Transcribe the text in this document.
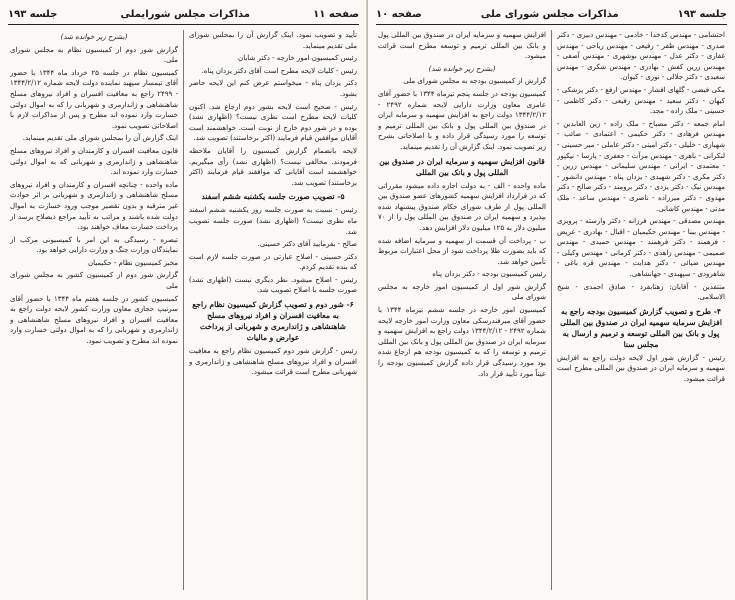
صفحه ۱۱
مذاکرات مجلس شورایملی
جلسه ۱۹۳

تأیید و تصویب نمود. اینک گزارش آن را بمجلس شورای ملی تقدیم مینماید.

رئیس کمیسیون امور خارجه - دکتر شایان

رئیس - کلیات لایحه مطرح است آقای دکتر یزدان پناه.

دکتر یزدان پناه - میخواستم عرض کنم این لایحه حاضر بشود.

رئیس - صحیح است لایحه بشور دوم ارجاع شد. اکنون کلیات لایحه مطرح است نظری نیست؟ (اظهاری نشد) بوده و در شور دوم خارج از نوبت است. خواهشمند است آقایان موافقین قیام فرمایند (اکثر برخاستند) تصویب شد.

لایحه بانضمام گزارش کمیسیون را آقایان ملاحظه فرمودند. مخالفی نیست؟ (اظهاری نشد) رأی میگیریم. خواهشمند است آقایانی که موافقند قیام فرمایند (اکثر برخاستند) تصویب شد.

۵- تصویب صورت جلسه یکشنبه ششم اسفند

رئیس - نسبت به صورت جلسه روز یکشنبه ششم اسفند ماه نظری نیست؟ (اظهاری نشد) صورت جلسه تصویب شد.

صالح - بفرمایید آقای دکتر حسینی.

دکتر حسینی - اصلاح عبارتی در صورت جلسه لازم است که بنده تقدیم کردم.

رئیس - اصلاح میشود. نظر دیگری نیست (اظهاری نشد) صورت جلسه با اصلاح تصویب شد.

۶- شور دوم و تصویب گزارش کمیسیون نظام راجع به معافیت افسران و افراد نیروهای مسلح شاهنشاهی و ژاندارمری و شهربانی از پرداخت عوارض و مالیات

رئیس - گزارش شور دوم کمیسیون نظام راجع به معافیت افسران و افراد نیروهای مسلح شاهنشاهی و ژاندارمری و شهربانی مطرح است قرائت میشود.

(بشرح زیر خوانده شد)

گزارش شور دوم از کمیسیون نظام به مجلس شورای ملی.

کمیسیون نظام در جلسه ۲۵ خرداد ماه ۱۳۴۴ با حضور آقای تیمسار سپهبد نماینده دولت لایحه شماره ۱۳۴۴/۲/۱۲ - ۲۴۹۹ راجع به معافیت افسران و افراد نیروهای مسلح شاهنشاهی و ژاندارمری و شهربانی را که به اموال دولتی خسارت وارد نموده اند مطرح و پس از مذاکرات لازم با اصلاحاتی تصویب نمود.

اینک گزارش آن را بمجلس شورای ملی تقدیم مینماید.

قانون معافیت افسران و کارمندان و افراد نیروهای مسلح شاهنشاهی و ژاندارمری و شهربانی که به اموال دولتی خسارت وارد نموده اند.

ماده واحده - چنانچه افسران و کارمندان و افراد نیروهای مسلح شاهنشاهی و ژاندارمری و شهربانی بر اثر حوادث غیر مترقبه و بدون تقصیر موجب ورود خسارت به اموال دولت شده باشند و مراتب به تأیید مراجع ذیصلاح برسد از پرداخت خسارت معاف خواهند بود.

تبصره - رسیدگی به این امر با کمیسیونی مرکب از نمایندگان وزارت جنگ و وزارت دارایی خواهد بود.

مخبر کمیسیون نظام - حکیمیان

گزارش شور دوم از کمیسیون کشور به مجلس شورای ملی

کمیسیون کشور در جلسه هفتم ماه ۱۳۴۴ با حضور آقای سرتیپ حجازی معاون وزارت کشور لایحه دولت راجع به معافیت افسران و افراد نیروهای مسلح شاهنشاهی و ژاندارمری و شهربانی را که به اموال دولتی خسارت وارد نموده اند مطرح و تصویب نمود.

جلسه ۱۹۳
مذاکرات مجلس شورای ملی
صفحه ۱۰

احتشامی - مهندس کدخدا - خادمی - مهندس دبیری - دکتر صدری - مهندس ظفر - رفیعی - مهندس ریاحی - مهندس غفاری - دکتر عدل - مهندس بوشهری - مهندس آصفی - مهندس زرین کفش - بهادری - مهندس شکری - مهندس سعیدی - دکتر جلالی - نوری - کیوان.

مکی فیضی - گلهای افشار - مهندس ارفع - دکتر پزشکی - کیهان - دکتر سعید - مهندس رفیعی - دکتر کاظمی - حسینی - ملک زاده - مجد.

امام جمعه - دکتر مصباح - ملک زاده - زین العابدین - مهندس فرهادی - دکتر حکیمی - اعتمادی - صائب - شهبازی - خلیلی - دکتر امینی - دکتر عاملی - میر حسینی - لنکرانی - باهری - مهندس مرآت - جعفری - پارسا - نیکپور - معتمدی - ایرانی - مهندس سلیمانی - مهندس زرین - دکتر مکری - دکتر شهیدی - یزدان پناه - مهندس دانشور - مهندس نیک - دکتر یزدی - دکتر برومند - دکتر صالح - دکتر مهدوی - دکتر میرزاده - ناصری - مهندس ساعد - ملک مدنی - مهندس کاشانی.

مهندس مصدقی - مهندس فرزانه - دکتر وارسته - پرویزی - مهندس بینا - مهندس حکیمیان - اقبال - بهادری - عریض - فرهمند - دکتر فرهمند - مهندس حمیدی - مهندس صمیمی - مهندس زاهدی - دکتر کرمانی - مهندس وکیلی - مهندس ضیائی - دکتر هدایت - مهندس قره باغی - شاهرودی - سپهبدی - جهانشاهی.

منتفدین - آقایان: زهتابفرد - صادق احمدی - شیخ الاسلامی.

۴- طرح و تصویب گزارش کمیسیون بودجه راجع به افزایش سرمایه سهمیه ایران در صندوق بین المللی پول و بانک بین المللی توسعه و ترمیم و ارسال به مجلس سنا

رئیس - گزارش شور اول لایحه دولت راجع به افزایش سهمیه و سرمایه ایران در صندوق بین المللی مطرح است قرائت میشود.

افزایش سهمیه و سرمایه ایران در صندوق بین المللی پول و بانک بین المللی ترمیم و توسعه مطرح است قرائت میشود.

(بشرح زیر خوانده شد)

گزارش از کمیسیون بودجه به مجلس شورای ملی

کمیسیون بودجه در جلسه پنجم تیرماه ۱۳۴۴ با حضور آقای عامری معاون وزارت دارایی لایحه شماره ۲۴۹۲ - ۱۳۴۴/۲/۱۲ دولت راجع به افزایش سهمیه و سرمایه ایران در صندوق بین المللی پول و بانک بین المللی ترمیم و توسعه را مورد رسیدگی قرار داده و با اصلاحاتی بشرح زیر تصویب نمود. اینک گزارش آن را تقدیم مینماید.

قانون افزایش سهمیه و سرمایه ایران در صندوق بین المللی پول و بانک بین المللی

ماده واحده - الف - به دولت اجازه داده میشود مقرراتی که در قرارداد افزایش سهمیه کشورهای عضو صندوق بین المللی پول از طرف شورای حکام صندوق پیشنهاد شده بپذیرد و سهمیه ایران در صندوق بین المللی پول را از ۷۰ میلیون دلار به ۱۲۵ میلیون دلار افزایش دهد.

ب - پرداخت آن قسمت از سهمیه و سرمایه اضافه شده که باید بصورت طلا پرداخت شود از محل اعتبارات مربوط تأمین خواهد شد.

رئیس کمیسیون بودجه - دکتر یزدان پناه

گزارش شور اول از کمیسیون امور خارجه به مجلس شورای ملی

کمیسیون امور خارجه در جلسه ششم تیرماه ۱۳۴۴ با حضور آقای میرفندرسکی معاون وزارت امور خارجه لایحه شماره ۲۴۹۲ - ۱۳۴۴/۲/۱۲ دولت راجع به افزایش سهمیه و سرمایه ایران در صندوق بین المللی پول و بانک بین المللی ترمیم و توسعه را که به کمیسیون بودجه هم ارجاع شده بود مورد رسیدگی قرار داده گزارش کمیسیون بودجه را عیناً مورد تأیید قرار داد.
